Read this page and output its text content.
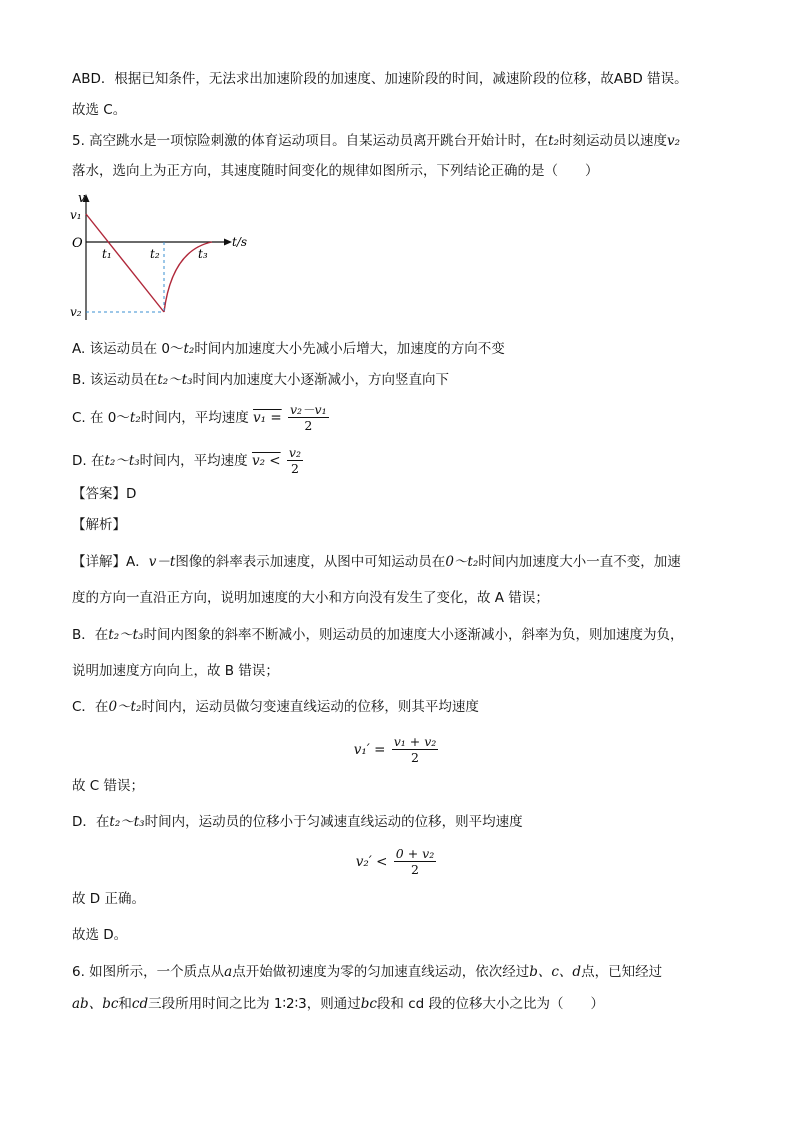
ABD．根据已知条件，无法求出加速阶段的加速度、加速阶段的时间，减速阶段的位移，故ABD 错误。
故选 C。
5. 高空跳水是一项惊险刺激的体育运动项目。自某运动员离开跳台开始计时，在t₂时刻运动员以速度v₂
落水，选向上为正方向，其速度随时间变化的规律如图所示，下列结论正确的是（　　）
v
v₁
O	t/s
t₁	t₂	t₃
v₂
A. 该运动员在 0～t₂时间内加速度大小先减小后增大，加速度的方向不变
B. 该运动员在t₂～t₃时间内加速度大小逐渐减小，方向竖直向下
C. 在 0～t₂时间内，平均速度 $v_1 = \frac{\text{v₂－v₁}}{2}$
D. 在t₂～t₃时间内，平均速度 $v_2 < \frac{\text{v₂}}{2}$
【答案】D
【解析】
【详解】A．v－t图像的斜率表示加速度，从图中可知运动员在0～t₂时间内加速度大小一直不变，加速
度的方向一直沿正方向，说明加速度的大小和方向没有发生了变化，故 A 错误；
B．在t₂～t₃时间内图象的斜率不断减小，则运动员的加速度大小逐渐减小，斜率为负，则加速度为负，
说明加速度方向向上，故 B 错误；
C．在0～t₂时间内，运动员做匀变速直线运动的位移，则其平均速度
$v_1' = \frac{\text{v₁ + v₂}}{2}$
故 C 错误；
D．在t₂～t₃时间内，运动员的位移小于匀减速直线运动的位移，则平均速度
$v_2' < \frac{\text{0 + v₂}}{2}$
故 D 正确。
故选 D。
6. 如图所示，一个质点从a点开始做初速度为零的匀加速直线运动，依次经过b、c、d点，已知经过
ab、bc和cd三段所用时间之比为 1∶2∶3，则通过bc段和 cd 段的位移大小之比为（　　）
